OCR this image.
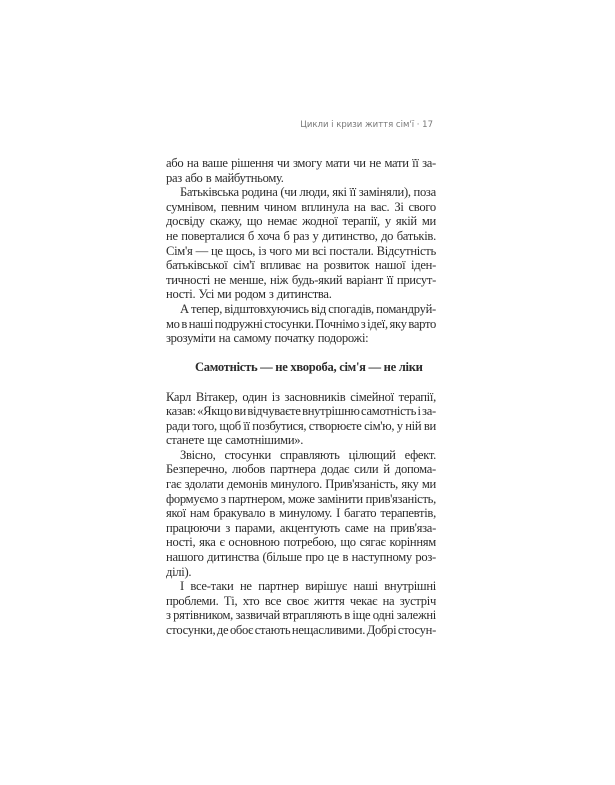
Цикли і кризи життя сім'ї · 17
або на ваше рішення чи змогу мати чи не мати її за-
раз або в майбутньому.
Батьківська родина (чи люди, які її заміняли), поза
сумнівом, певним чином вплинула на вас. Зі свого
досвіду скажу, що немає жодної терапії, у якій ми
не поверталися б хоча б раз у дитинство, до батьків.
Сім'я — це щось, із чого ми всі постали. Відсутність
батьківської сім'ї впливає на розвиток нашої іден-
тичності не менше, ніж будь-який варіант її присут-
ності. Усі ми родом з дитинства.
А тепер, відштовхуючись від спогадів, помандруй-
мо в наші подружні стосунки. Почнімо з ідеї, яку варто
зрозуміти на самому початку подорожі:
Самотність — не хвороба, сім'я — не ліки
Карл Вітакер, один із засновників сімейної терапії,
казав: «Якщо ви відчуваєте внутрішню самотність і за-
ради того, щоб її позбутися, створюєте сім'ю, у ній ви
станете ще самотнішими».
Звісно, стосунки справляють цілющий ефект.
Безперечно, любов партнера додає сили й допома-
гає здолати демонів минулого. Прив'язаність, яку ми
формуємо з партнером, може замінити прив'язаність,
якої нам бракувало в минулому. І багато терапевтів,
працюючи з парами, акцентують саме на прив'яза-
ності, яка є основною потребою, що сягає корінням
нашого дитинства (більше про це в наступному роз-
ділі).
І все-таки не партнер вирішує наші внутрішні
проблеми. Ті, хто все своє життя чекає на зустріч
з рятівником, зазвичай втрапляють в іще одні залежні
стосунки, де обоє стають нещасливими. Добрі стосун-
